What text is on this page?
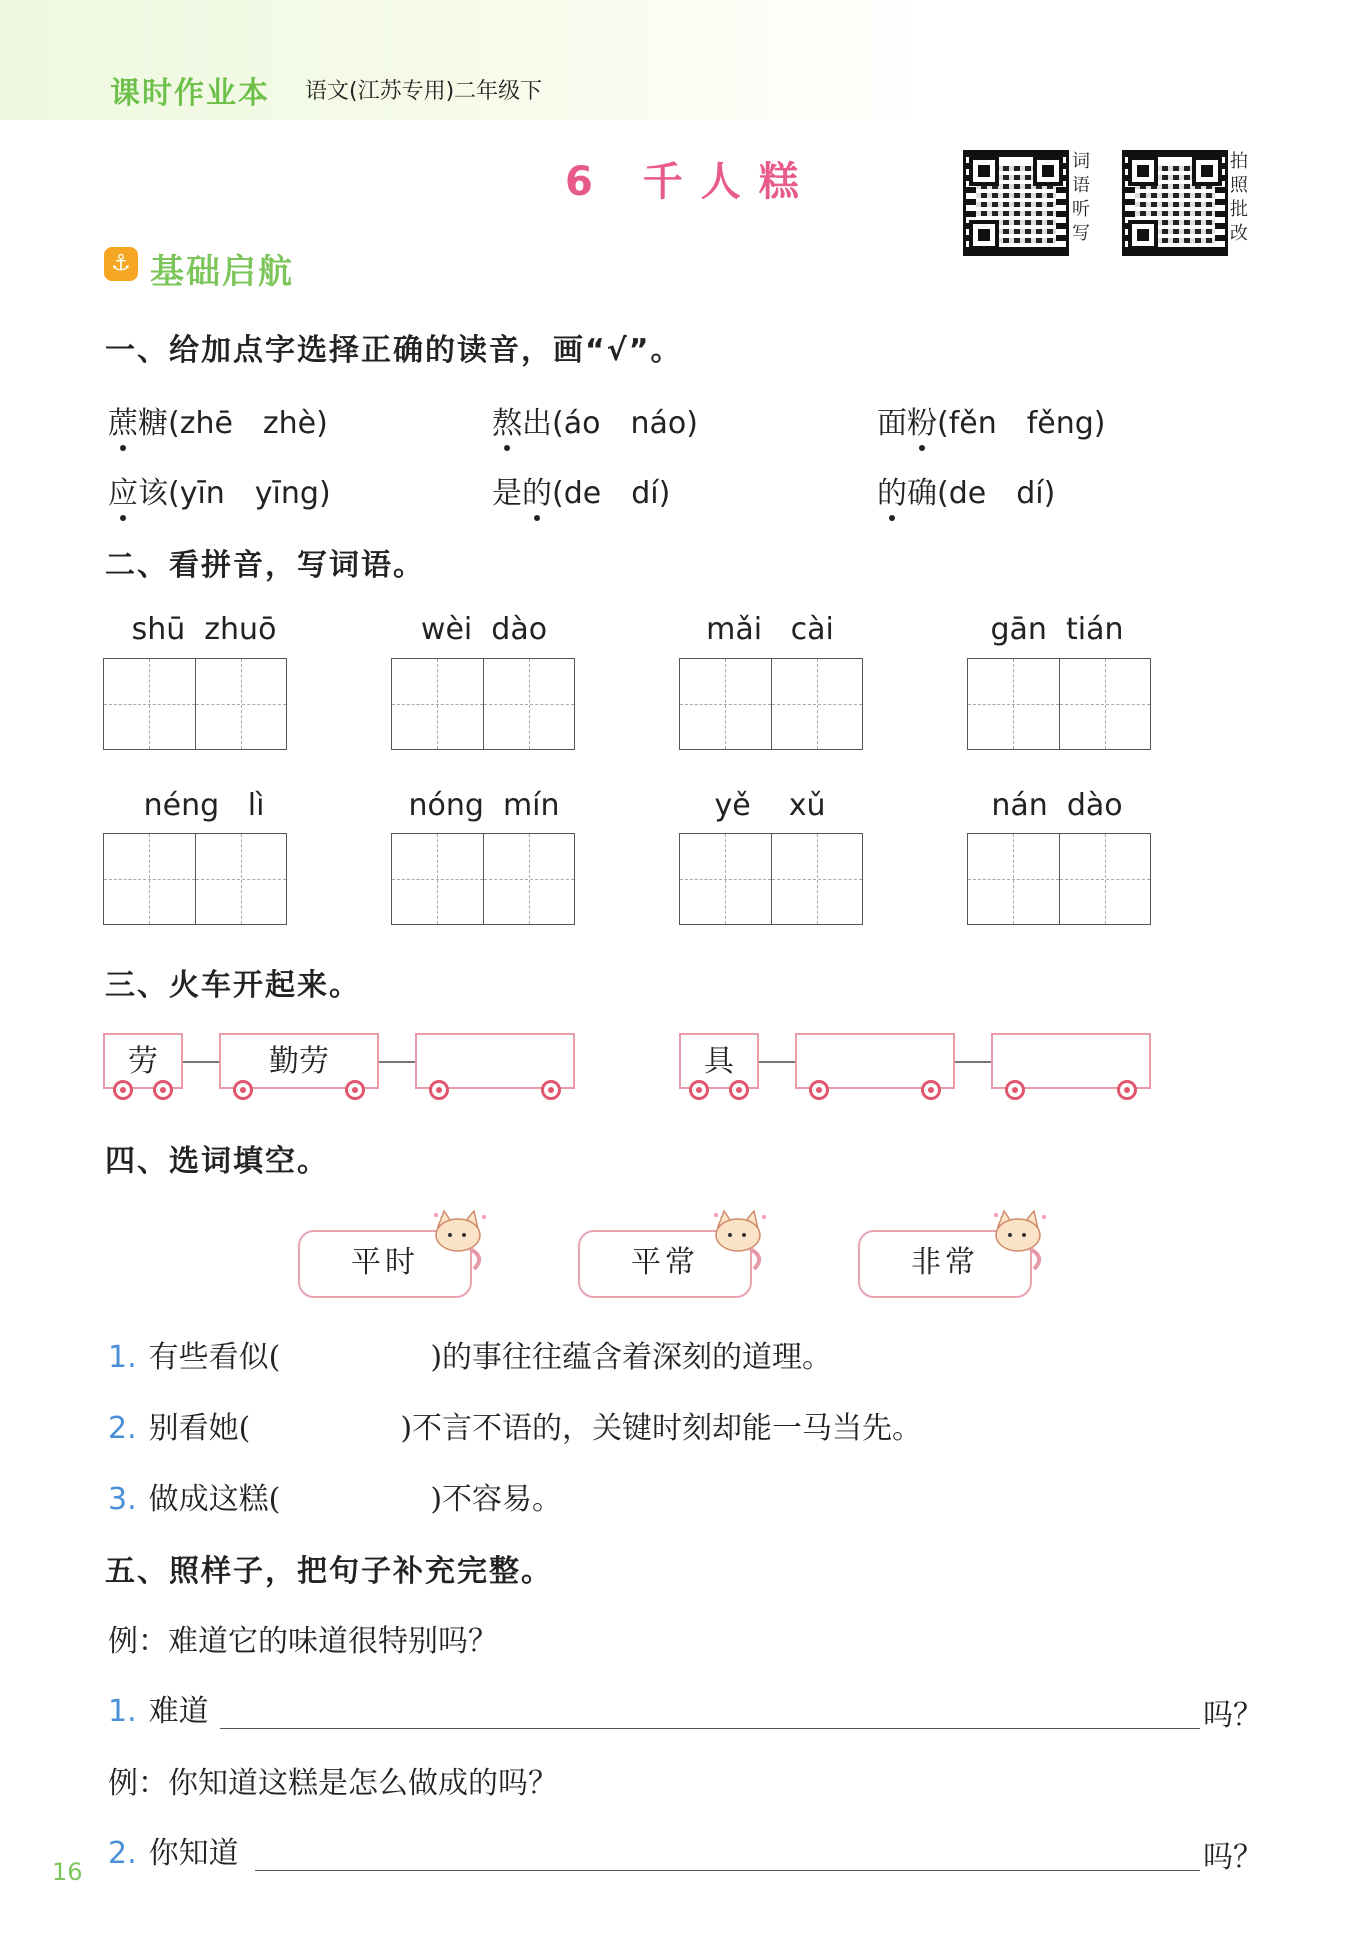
课时作业本 语文(江苏专用)二年级下
6 千人糕	词语听写
拍照批改
⚓ 基础启航
一、给加点字选择正确的读音，画“√”。
蔗糖(zhē　zhè)	熬出(áo　náo)	面粉(fěn　fěng)
应该(yīn　yīng)	是的(de　dí)	的确(de　dí)
二、看拼音，写词语。
shū  zhuō	wèi  dào	mǎi   cài	gān  tián
néng   lì	nóng  mín	yě    xǔ	nán  dào
三、火车开起来。
劳	勤劳	具
四、选词填空。
平时	平常	非常
1. 有些看似(	)的事往往蕴含着深刻的道理。
2. 别看她(	)不言不语的，关键时刻却能一马当先。
3. 做成这糕(	)不容易。
五、照样子，把句子补充完整。
例：难道它的味道很特别吗？
1. 难道	吗？
例：你知道这糕是怎么做成的吗？
2. 你知道	吗？
16
